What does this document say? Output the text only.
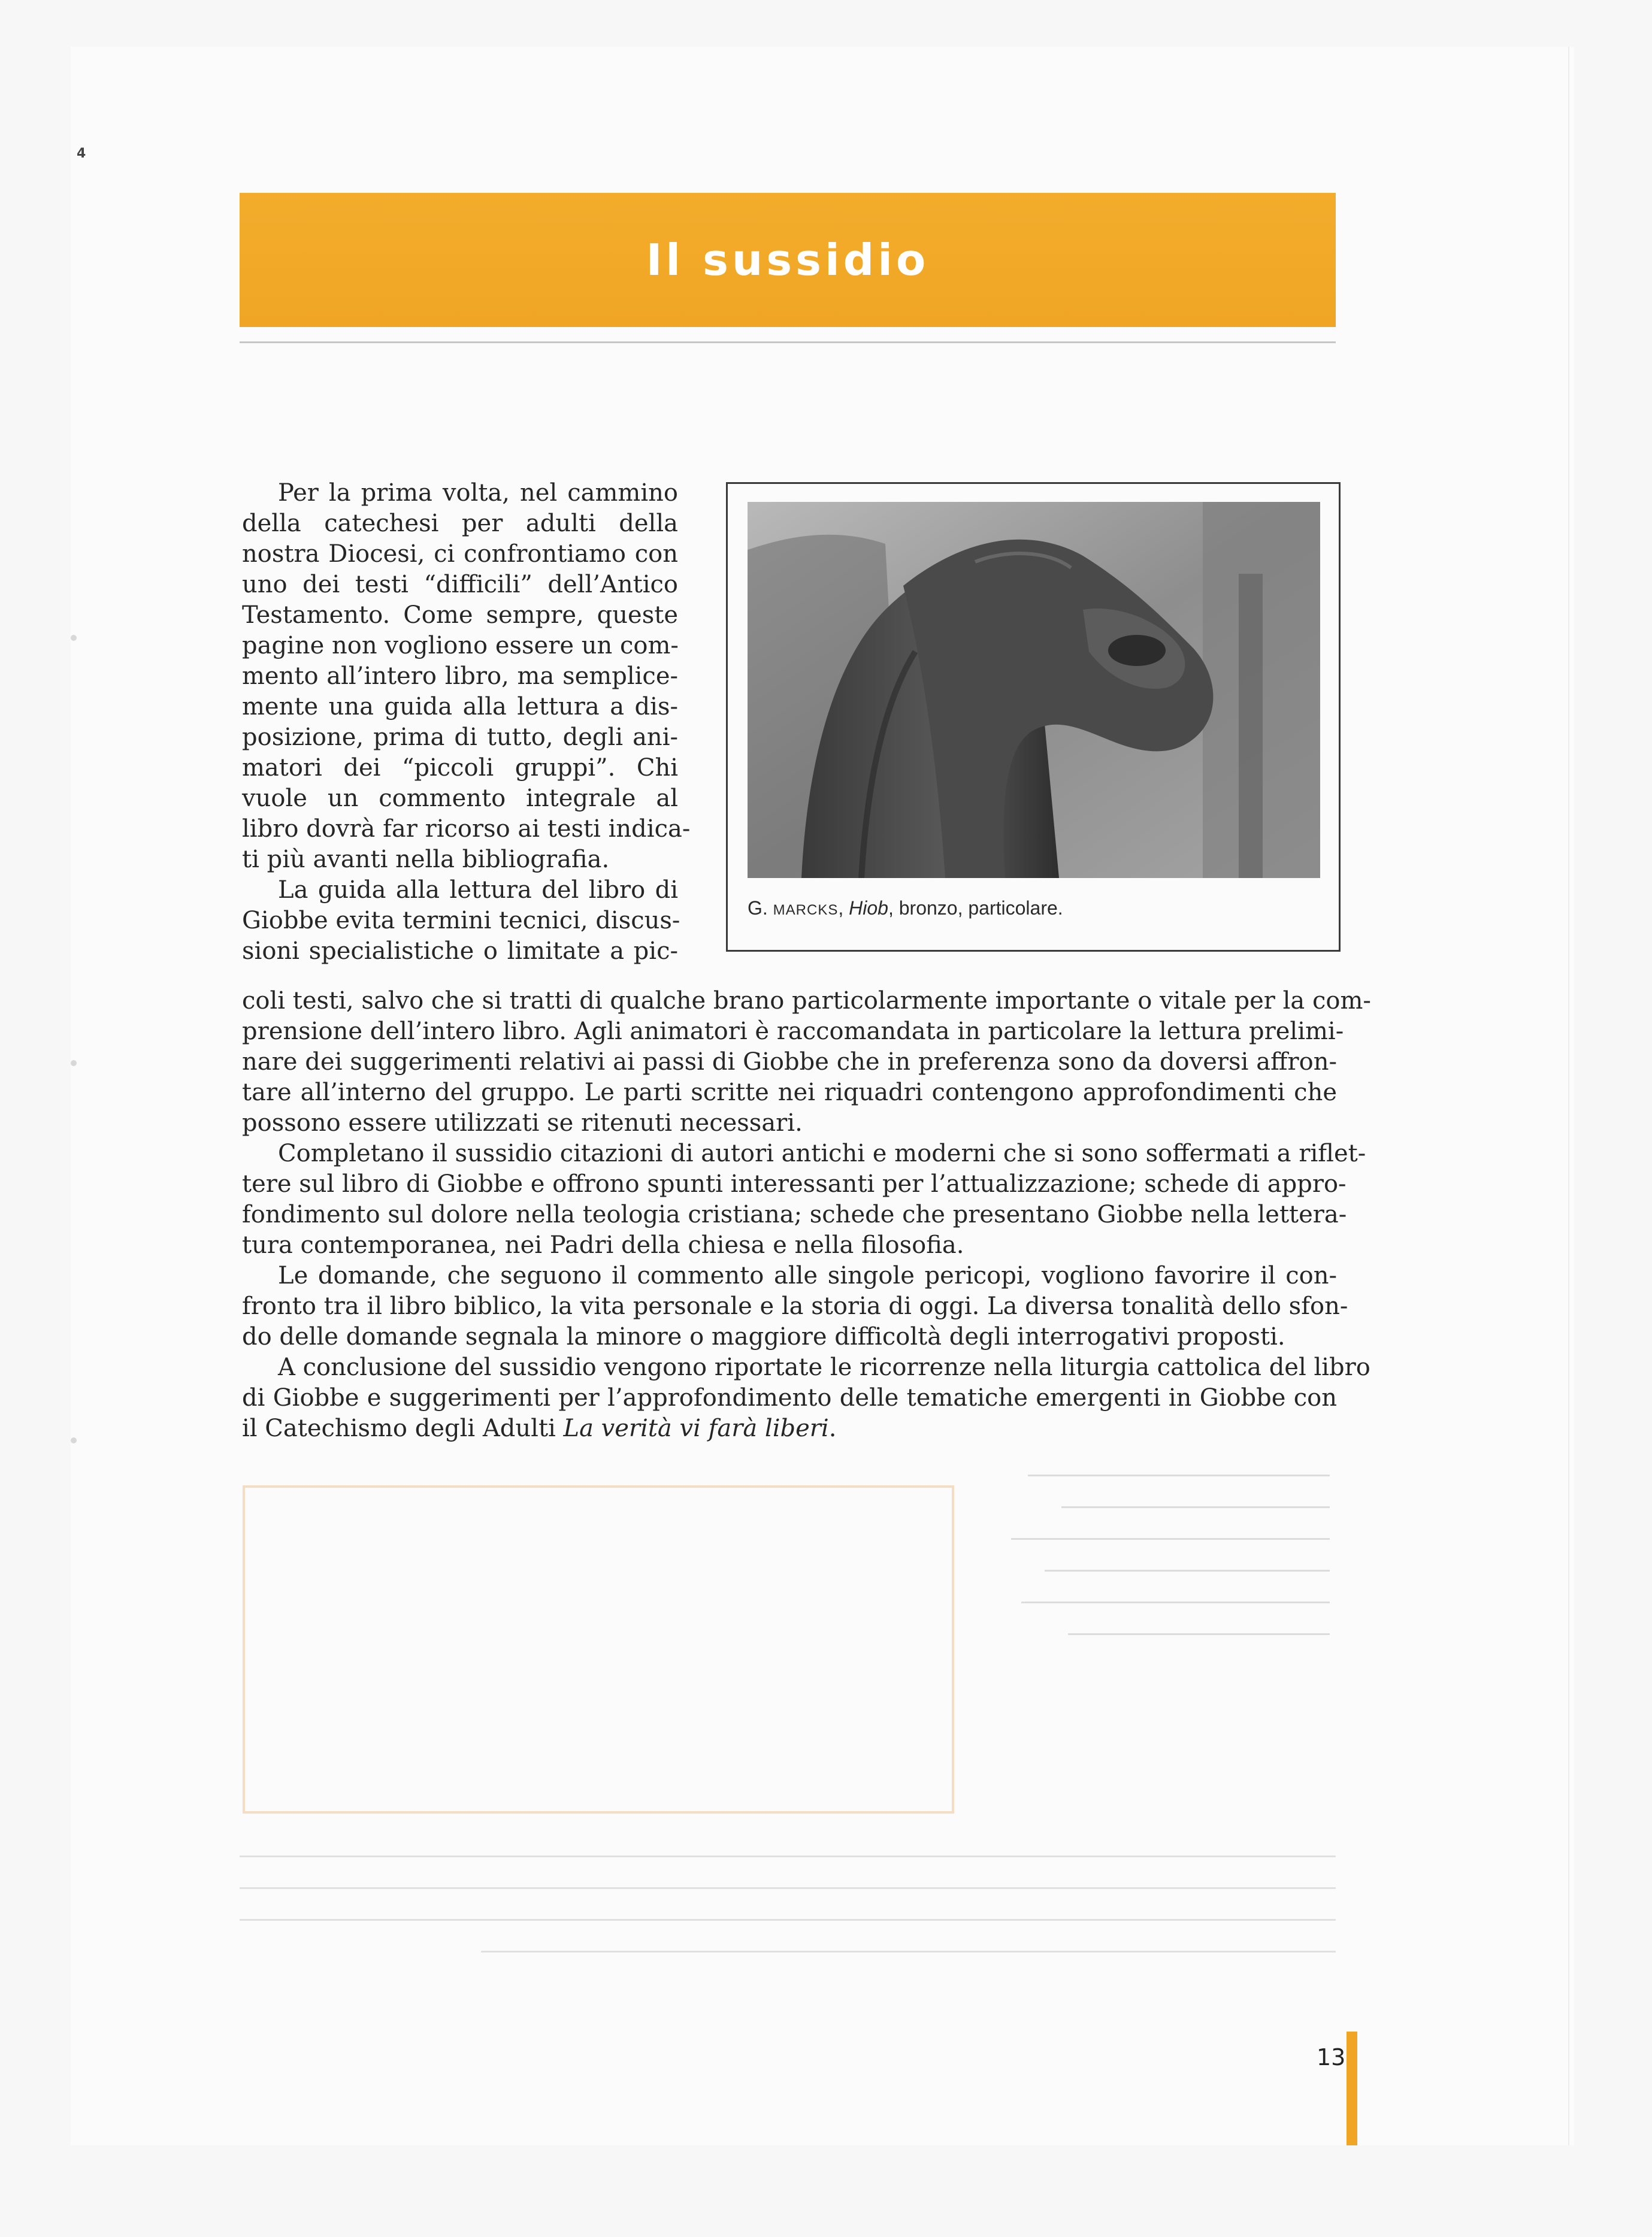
4
Il sussidio
Per la prima volta, nel cammino
della catechesi per adulti della
nostra Diocesi, ci confrontiamo con
uno dei testi “difficili” dell’Antico
Testamento. Come sempre, queste
pagine non vogliono essere un com-
mento all’intero libro, ma semplice-
mente una guida alla lettura a dis-
posizione, prima di tutto, degli ani-
matori dei “piccoli gruppi”. Chi
vuole un commento integrale al
libro dovrà far ricorso ai testi indica-
ti più avanti nella bibliografia.
La guida alla lettura del libro di
Giobbe evita termini tecnici, discus-
sioni specialistiche o limitate a pic-
G. MARCKS, Hiob, bronzo, particolare.
coli testi, salvo che si tratti di qualche brano particolarmente importante o vitale per la com-
prensione dell’intero libro. Agli animatori è raccomandata in particolare la lettura prelimi-
nare dei suggerimenti relativi ai passi di Giobbe che in preferenza sono da doversi affron-
tare all’interno del gruppo. Le parti scritte nei riquadri contengono approfondimenti che
possono essere utilizzati se ritenuti necessari.
Completano il sussidio citazioni di autori antichi e moderni che si sono soffermati a riflet-
tere sul libro di Giobbe e offrono spunti interessanti per l’attualizzazione; schede di appro-
fondimento sul dolore nella teologia cristiana; schede che presentano Giobbe nella lettera-
tura contemporanea, nei Padri della chiesa e nella filosofia.
Le domande, che seguono il commento alle singole pericopi, vogliono favorire il con-
fronto tra il libro biblico, la vita personale e la storia di oggi. La diversa tonalità dello sfon-
do delle domande segnala la minore o maggiore difficoltà degli interrogativi proposti.
A conclusione del sussidio vengono riportate le ricorrenze nella liturgia cattolica del libro
di Giobbe e suggerimenti per l’approfondimento delle tematiche emergenti in Giobbe con
il Catechismo degli Adulti La verità vi farà liberi.
13
